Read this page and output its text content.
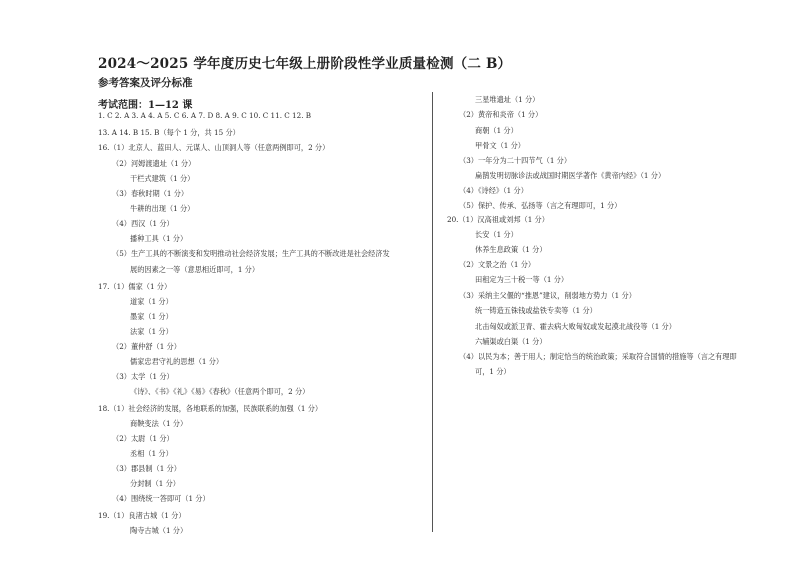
2024～2025 学年度历史七年级上册阶段性学业质量检测（二 B）
参考答案及评分标准
考试范围：1—12 课
1. C 2. A 3. A 4. A 5. C 6. A 7. D 8. A 9. C 10. C 11. C 12. B
13. A 14. B 15. B（每个 1 分，共 15 分）
16.（1）北京人、蓝田人、元谋人、山顶洞人等（任意两例即可，2 分）
（2）河姆渡遗址（1 分）
干栏式建筑（1 分）
（3）春秋时期（1 分）
牛耕的出现（1 分）
（4）西汉（1 分）
播种工具（1 分）
（5）生产工具的不断演变和发明推动社会经济发展；生产工具的不断改进是社会经济发
展的因素之一等（意思相近即可，1 分）
17.（1）儒家（1 分）
道家（1 分）
墨家（1 分）
法家（1 分）
（2）董仲舒（1 分）
儒家忠君守礼的思想（1 分）
（3）太学（1 分）
《诗》、《书》《礼》《易》《春秋》（任意两个即可，2 分）
18.（1）社会经济的发展，各地联系的加强，民族联系的加强（1 分）
商鞅变法（1 分）
（2）太尉（1 分）
丞相（1 分）
（3）郡县制（1 分）
分封制（1 分）
（4）围绕统一答即可（1 分）
19.（1）良渚古城（1 分）
陶寺古城（1 分）
三星堆遗址（1 分）
（2）黄帝和炎帝（1 分）
商朝（1 分）
甲骨文（1 分）
（3）一年分为二十四节气（1 分）
扁鹊发明切脉诊法或战国时期医学著作《黄帝内经》（1 分）
（4）《诗经》（1 分）
（5）保护、传承、弘扬等（言之有理即可，1 分）
20.（1）汉高祖或刘邦（1 分）
长安（1 分）
休养生息政策（1 分）
（2）文景之治（1 分）
田租定为三十税一等（1 分）
（3）采纳主父偃的“推恩”建议，削弱地方势力（1 分）
统一铸造五铢钱或盐铁专卖等（1 分）
北击匈奴或派卫青、霍去病大败匈奴或发起漠北战役等（1 分）
六辅渠或白渠（1 分）
（4）以民为本；善于用人；制定恰当的统治政策；采取符合国情的措施等（言之有理即
可，1 分）
